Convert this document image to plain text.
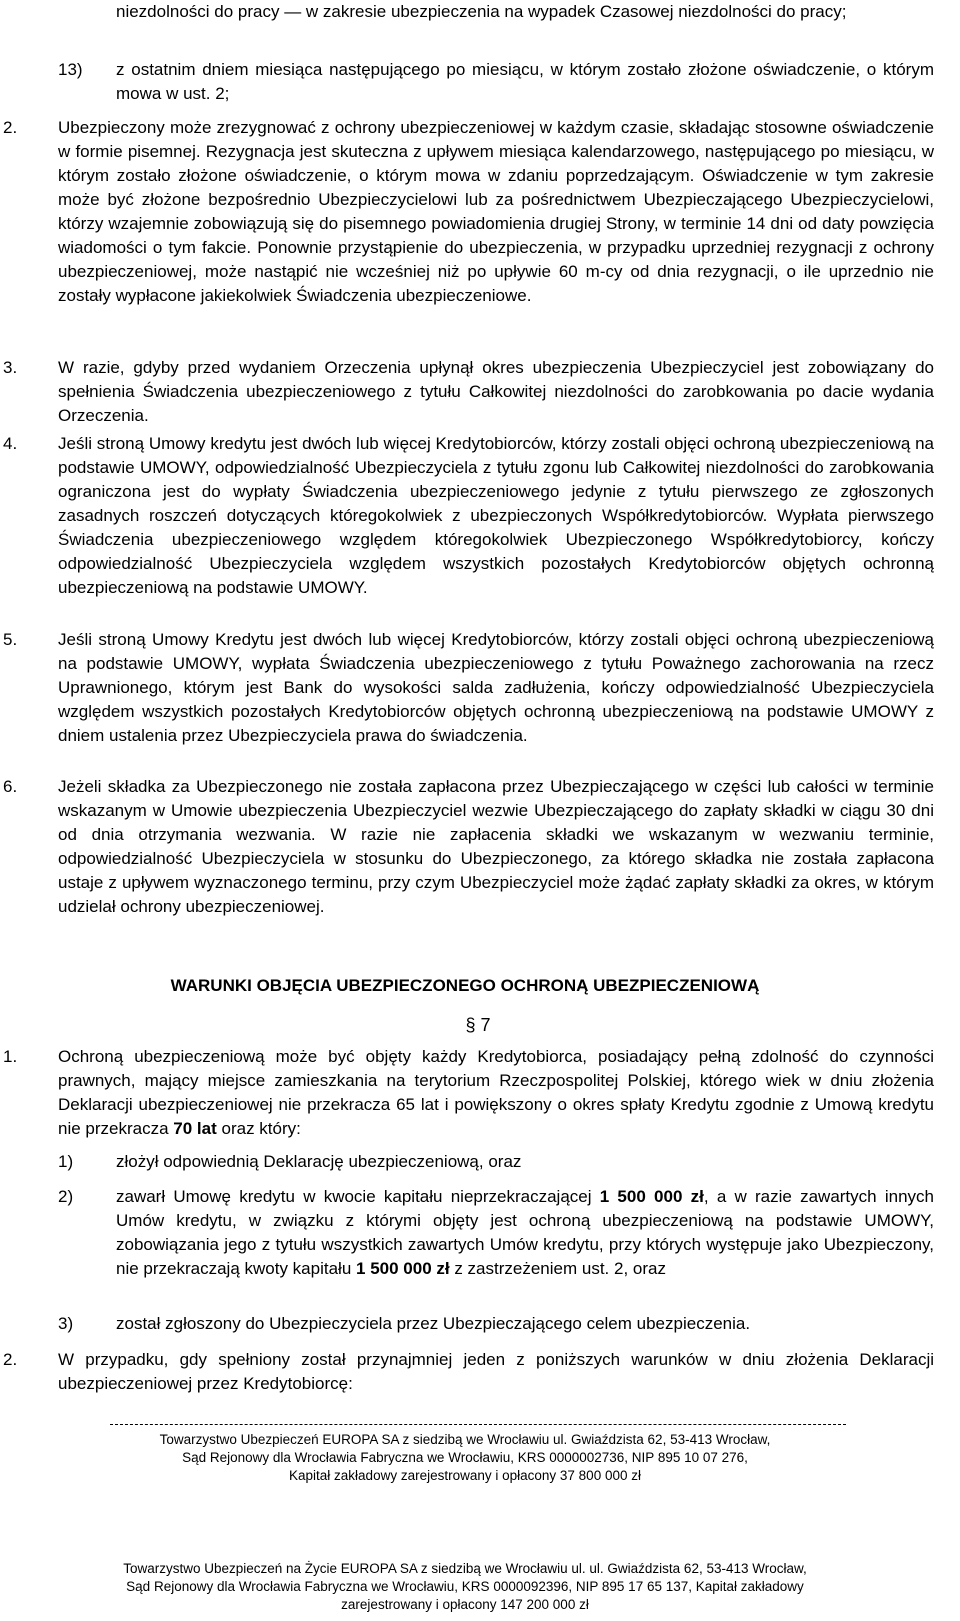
niezdolności do pracy — w zakresie ubezpieczenia na wypadek Czasowej niezdolności do pracy;
13) z ostatnim dniem miesiąca następującego po miesiącu, w którym zostało złożone oświadczenie, o którym mowa w ust. 2;
2. Ubezpieczony może zrezygnować z ochrony ubezpieczeniowej w każdym czasie, składając stosowne oświadczenie w formie pisemnej. Rezygnacja jest skuteczna z upływem miesiąca kalendarzowego, następującego po miesiącu, w którym zostało złożone oświadczenie, o którym mowa w zdaniu poprzedzającym. Oświadczenie w tym zakresie może być złożone bezpośrednio Ubezpieczycielowi lub za pośrednictwem Ubezpieczającego Ubezpieczycielowi, którzy wzajemnie zobowiązują się do pisemnego powiadomienia drugiej Strony, w terminie 14 dni od daty powzięcia wiadomości o tym fakcie. Ponownie przystąpienie do ubezpieczenia, w przypadku uprzedniej rezygnacji z ochrony ubezpieczeniowej, może nastąpić nie wcześniej niż po upływie 60 m-cy od dnia rezygnacji, o ile uprzednio nie zostały wypłacone jakiekolwiek Świadczenia ubezpieczeniowe.
3. W razie, gdyby przed wydaniem Orzeczenia upłynął okres ubezpieczenia Ubezpieczyciel jest zobowiązany do spełnienia Świadczenia ubezpieczeniowego z tytułu Całkowitej niezdolności do zarobkowania po dacie wydania Orzeczenia.
4. Jeśli stroną Umowy kredytu jest dwóch lub więcej Kredytobiorców, którzy zostali objęci ochroną ubezpieczeniową na podstawie UMOWY, odpowiedzialność Ubezpieczyciela z tytułu zgonu lub Całkowitej niezdolności do zarobkowania ograniczona jest do wypłaty Świadczenia ubezpieczeniowego jedynie z tytułu pierwszego ze zgłoszonych zasadnych roszczeń dotyczących któregokolwiek z ubezpieczonych Współkredytobiorców. Wypłata pierwszego Świadczenia ubezpieczeniowego względem któregokolwiek Ubezpieczonego Współkredytobiorcy, kończy odpowiedzialność Ubezpieczyciela względem wszystkich pozostałych Kredytobiorców objętych ochronną ubezpieczeniową na podstawie UMOWY.
5. Jeśli stroną Umowy Kredytu jest dwóch lub więcej Kredytobiorców, którzy zostali objęci ochroną ubezpieczeniową na podstawie UMOWY, wypłata Świadczenia ubezpieczeniowego z tytułu Poważnego zachorowania na rzecz Uprawnionego, którym jest Bank do wysokości salda zadłużenia, kończy odpowiedzialność Ubezpieczyciela względem wszystkich pozostałych Kredytobiorców objętych ochronną ubezpieczeniową na podstawie UMOWY z dniem ustalenia przez Ubezpieczyciela prawa do świadczenia.
6. Jeżeli składka za Ubezpieczonego nie została zapłacona przez Ubezpieczającego w części lub całości w terminie wskazanym w Umowie ubezpieczenia Ubezpieczyciel wezwie Ubezpieczającego do zapłaty składki w ciągu 30 dni od dnia otrzymania wezwania. W razie nie zapłacenia składki we wskazanym w wezwaniu terminie, odpowiedzialność Ubezpieczyciela w stosunku do Ubezpieczonego, za którego składka nie została zapłacona ustaje z upływem wyznaczonego terminu, przy czym Ubezpieczyciel może żądać zapłaty składki za okres, w którym udzielał ochrony ubezpieczeniowej.
WARUNKI OBJĘCIA UBEZPIECZONEGO OCHRONĄ UBEZPIECZENIOWĄ
§ 7
1. Ochroną ubezpieczeniową może być objęty każdy Kredytobiorca, posiadający pełną zdolność do czynności prawnych, mający miejsce zamieszkania na terytorium Rzeczpospolitej Polskiej, którego wiek w dniu złożenia Deklaracji ubezpieczeniowej nie przekracza 65 lat i powiększony o okres spłaty Kredytu zgodnie z Umową kredytu nie przekracza 70 lat oraz który:
1)	złożył odpowiednią Deklarację ubezpieczeniową, oraz
2)	zawarł Umowę kredytu w kwocie kapitału nieprzekraczającej 1 500 000 zł, a w razie zawartych innych Umów kredytu, w związku z którymi objęty jest ochroną ubezpieczeniową na podstawie UMOWY, zobowiązania jego z tytułu wszystkich zawartych Umów kredytu, przy których występuje jako Ubezpieczony, nie przekraczają kwoty kapitału 1 500 000 zł z zastrzeżeniem ust. 2, oraz
3)	został zgłoszony do Ubezpieczyciela przez Ubezpieczającego celem ubezpieczenia.
2. W przypadku, gdy spełniony został przynajmniej jeden z poniższych warunków w dniu złożenia Deklaracji ubezpieczeniowej przez Kredytobiorcę:
Towarzystwo Ubezpieczeń EUROPA SA z siedzibą we Wrocławiu ul. Gwiaździsta 62, 53-413 Wrocław,
Sąd Rejonowy dla Wrocławia Fabryczna we Wrocławiu, KRS 0000002736, NIP 895 10 07 276,
Kapitał zakładowy zarejestrowany i opłacony 37 800 000 zł
Towarzystwo Ubezpieczeń na Życie EUROPA SA z siedzibą we Wrocławiu ul. ul. Gwiaździsta 62, 53-413 Wrocław,
Sąd Rejonowy dla Wrocławia Fabryczna we Wrocławiu, KRS 0000092396, NIP 895 17 65 137, Kapitał zakładowy
zarejestrowany i opłacony 147 200 000 zł
